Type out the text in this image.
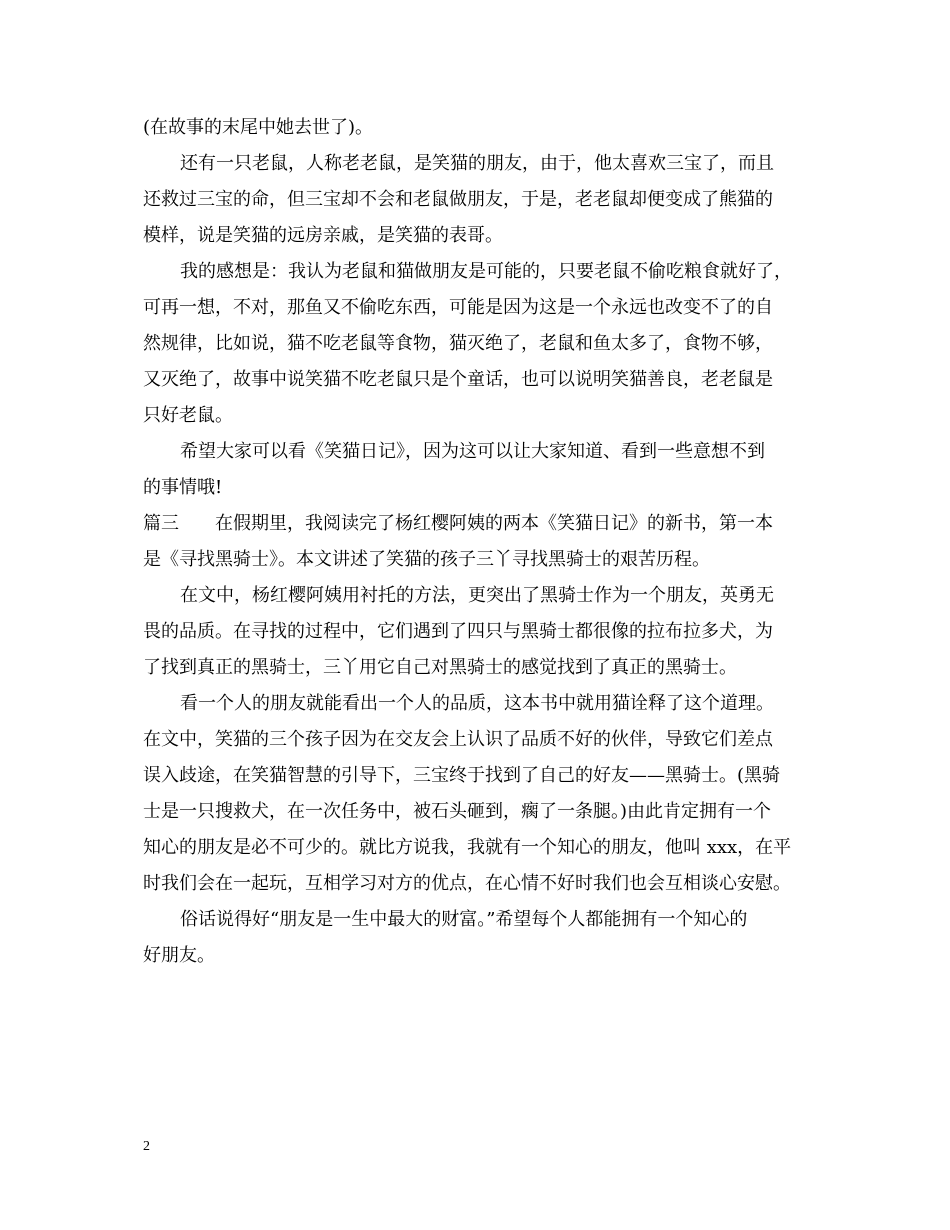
(在故事的末尾中她去世了)。
还有一只老鼠，人称老老鼠，是笑猫的朋友，由于，他太喜欢三宝了，而且
还救过三宝的命，但三宝却不会和老鼠做朋友，于是，老老鼠却便变成了熊猫的
模样，说是笑猫的远房亲戚，是笑猫的表哥。
我的感想是：我认为老鼠和猫做朋友是可能的，只要老鼠不偷吃粮食就好了，
可再一想，不对，那鱼又不偷吃东西，可能是因为这是一个永远也改变不了的自
然规律，比如说，猫不吃老鼠等食物，猫灭绝了，老鼠和鱼太多了，食物不够，
又灭绝了，故事中说笑猫不吃老鼠只是个童话，也可以说明笑猫善良，老老鼠是
只好老鼠。
希望大家可以看《笑猫日记》，因为这可以让大家知道、看到一些意想不到
的事情哦!
篇三　　在假期里，我阅读完了杨红樱阿姨的两本《笑猫日记》的新书，第一本
是《寻找黑骑士》。本文讲述了笑猫的孩子三丫寻找黑骑士的艰苦历程。
在文中，杨红樱阿姨用衬托的方法，更突出了黑骑士作为一个朋友，英勇无
畏的品质。在寻找的过程中，它们遇到了四只与黑骑士都很像的拉布拉多犬，为
了找到真正的黑骑士，三丫用它自己对黑骑士的感觉找到了真正的黑骑士。
看一个人的朋友就能看出一个人的品质，这本书中就用猫诠释了这个道理。
在文中，笑猫的三个孩子因为在交友会上认识了品质不好的伙伴，导致它们差点
误入歧途，在笑猫智慧的引导下，三宝终于找到了自己的好友——黑骑士。(黑骑
士是一只搜救犬，在一次任务中，被石头砸到，瘸了一条腿。)由此肯定拥有一个
知心的朋友是必不可少的。就比方说我，我就有一个知心的朋友，他叫 xxx，在平
时我们会在一起玩，互相学习对方的优点，在心情不好时我们也会互相谈心安慰。
俗话说得好“朋友是一生中最大的财富。”希望每个人都能拥有一个知心的
好朋友。
2
